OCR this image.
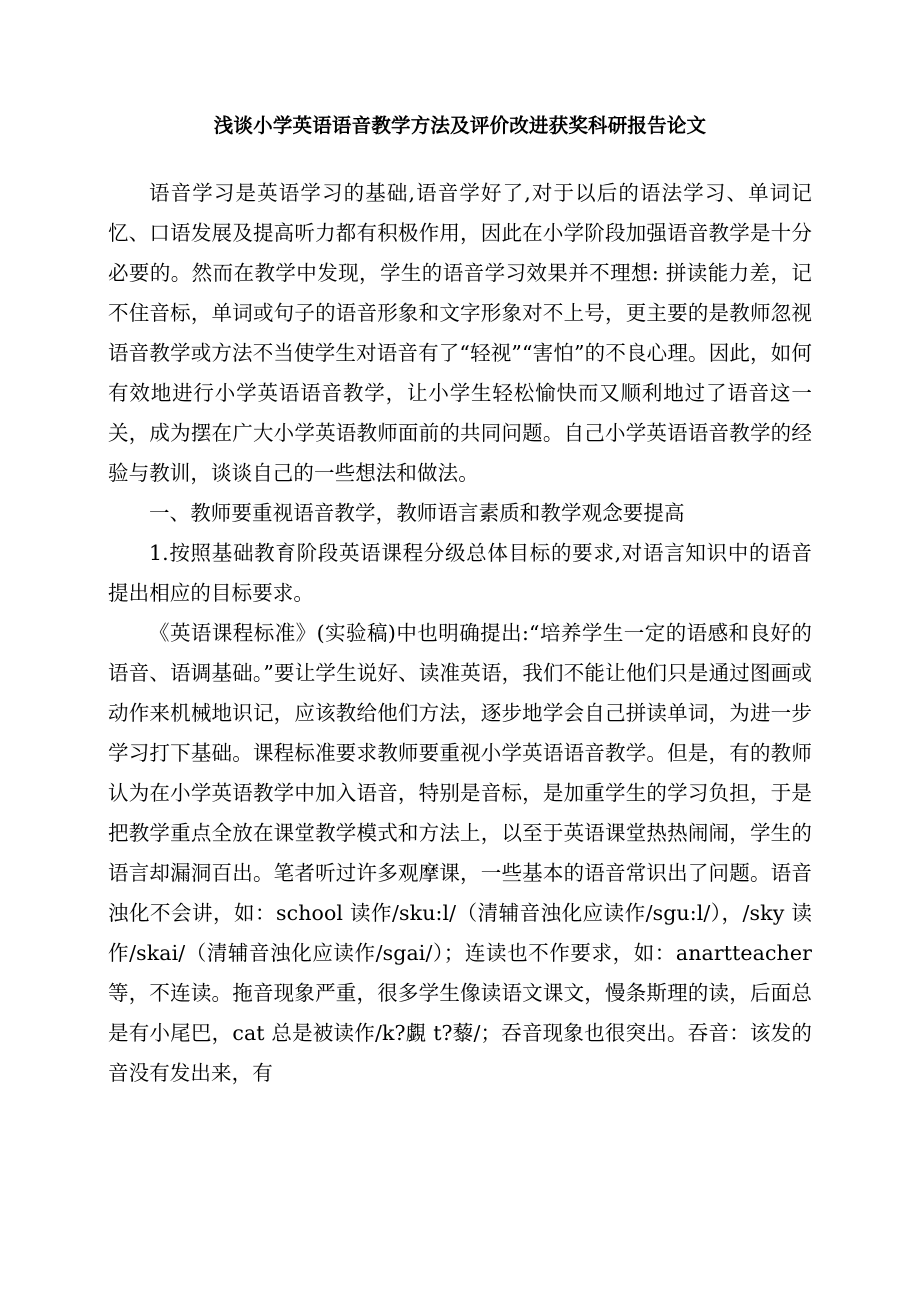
浅谈小学英语语音教学方法及评价改进获奖科研报告论文

语音学习是英语学习的基础,语音学好了,对于以后的语法学习、单词记忆、口语发展及提高听力都有积极作用，因此在小学阶段加强语音教学是十分必要的。然而在教学中发现，学生的语音学习效果并不理想: 拼读能力差，记不住音标，单词或句子的语音形象和文字形象对不上号，更主要的是教师忽视语音教学或方法不当使学生对语音有了“轻视”“害怕”的不良心理。因此，如何有效地进行小学英语语音教学，让小学生轻松愉快而又顺利地过了语音这一关，成为摆在广大小学英语教师面前的共同问题。自己小学英语语音教学的经验与教训，谈谈自己的一些想法和做法。

一、教师要重视语音教学，教师语言素质和教学观念要提高

1.按照基础教育阶段英语课程分级总体目标的要求,对语言知识中的语音提出相应的目标要求。

《英语课程标准》(实验稿)中也明确提出:“培养学生一定的语感和良好的语音、语调基础。”要让学生说好、读准英语，我们不能让他们只是通过图画或动作来机械地识记，应该教给他们方法，逐步地学会自己拼读单词，为进一步学习打下基础。课程标准要求教师要重视小学英语语音教学。但是，有的教师认为在小学英语教学中加入语音，特别是音标，是加重学生的学习负担，于是把教学重点全放在课堂教学模式和方法上，以至于英语课堂热热闹闹，学生的语言却漏洞百出。笔者听过许多观摩课，一些基本的语音常识出了问题。语音浊化不会讲，如：school 读作/sku:l/（清辅音浊化应读作/sgu:l/），/sky 读作/skai/（清辅音浊化应读作/sgai/）；连读也不作要求，如：anartteacher 等，不连读。拖音现象严重，很多学生像读语文课文，慢条斯理的读，后面总是有小尾巴，cat 总是被读作/k?覷 t?藜/；吞音现象也很突出。吞音：该发的音没有发出来，有
